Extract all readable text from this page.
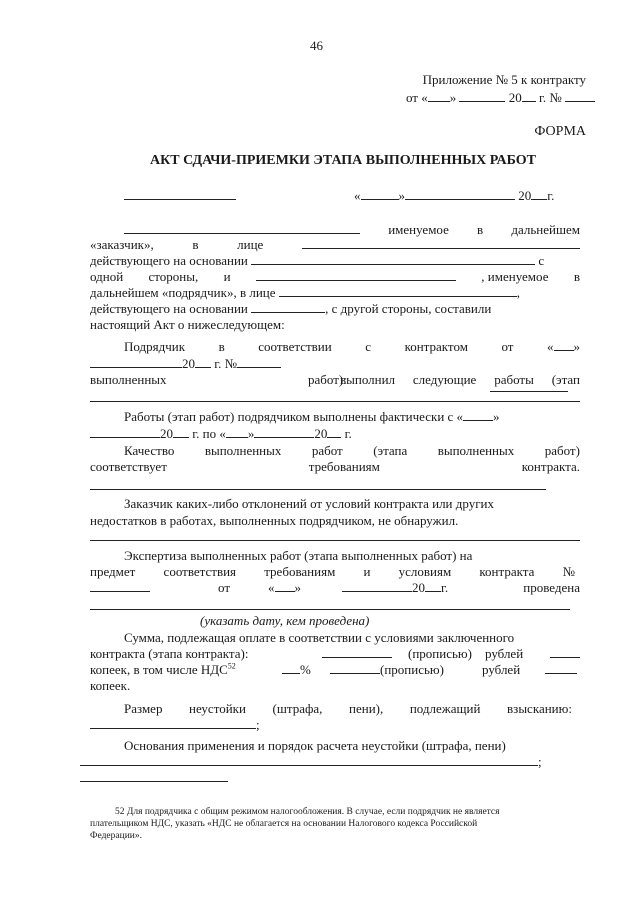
46
Приложение № 5 к контракту
от « »	20 г. №
ФОРМА
АКТ СДАЧИ-ПРИЕМКИ ЭТАПА ВЫПОЛНЕННЫХ РАБОТ
«	»	20 г.
именуемое в дальнейшем
«заказчик»,	в	лице
действующего на основании	с
одной стороны, и	, именуемое в
дальнейшем «подрядчик», в лице	,
действующего на основании	, с другой стороны, составили
настоящий Акт о нижеследующем:
Подрядчик	в	соответствии	с	контрактом	от	« »
20 г. №
выполнил следующие работы (этап
выполненных	работ):
Работы (этап работ) подрядчиком выполнены фактически с « »
20 г. по « »	20 г.
Качество выполненных работ (этапа выполненных работ)
соответствует	требованиям	контракта.
Заказчик каких-либо отклонений от условий контракта или других
недостатков в работах, выполненных подрядчиком, не обнаружил.
Экспертиза выполненных работ (этапа выполненных работ) на
предмет соответствия требованиям и условиям контракта №
от	« »	20 г.	проведена
(указать дату, кем проведена)
Сумма, подлежащая оплате в соответствии с условиями заключенного
контракта (этапа контракта):	(прописью) рублей
копеек, в том числе НДС$^{52}$	%	(прописью)	рублей
копеек.
Размер неустойки (штрафа, пени), подлежащий взысканию:
;
Основания применения и порядок расчета неустойки (штрафа, пени)
;
52 Для подрядчика с общим режимом налогообложения. В случае, если подрядчик не является
плательщиком НДС, указать «НДС не облагается на основании Налогового кодекса Российской
Федерации».
